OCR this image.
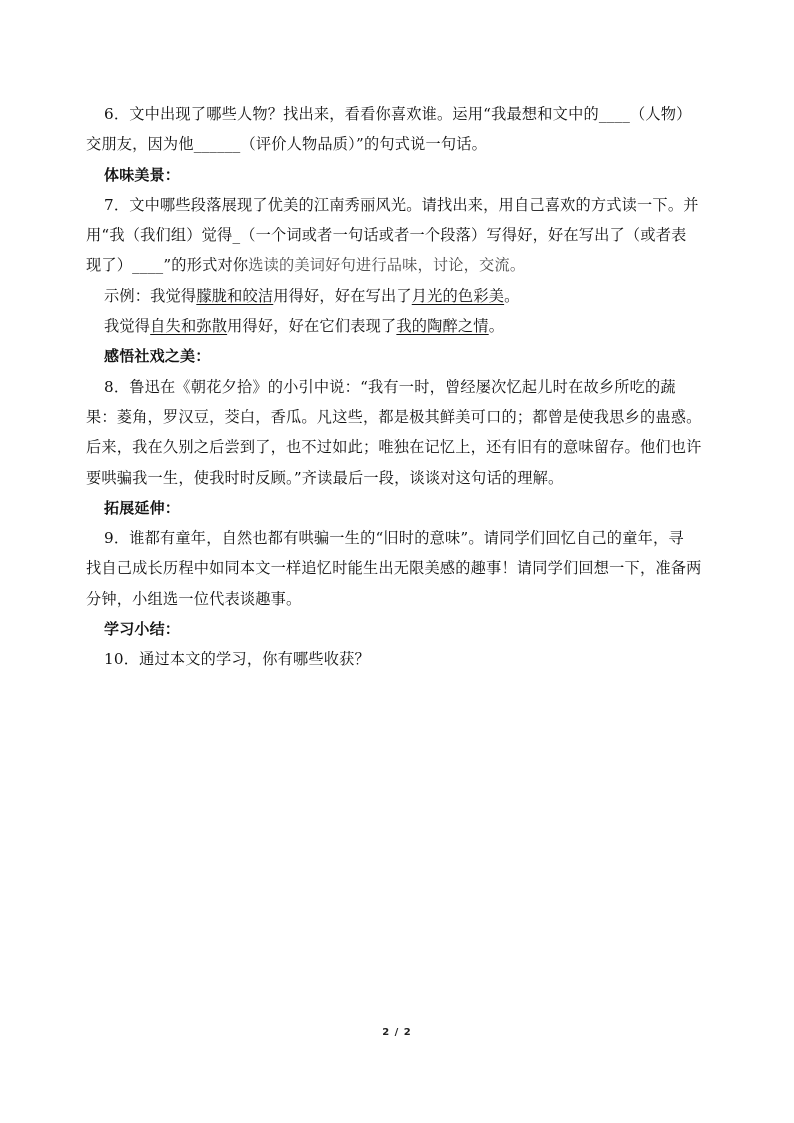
6．文中出现了哪些人物？找出来，看看你喜欢谁。运用“我最想和文中的____（人物）
交朋友，因为他______（评价人物品质）”的句式说一句话。
体味美景：
7．文中哪些段落展现了优美的江南秀丽风光。请找出来，用自己喜欢的方式读一下。并
用“我（我们组）觉得_（一个词或者一句话或者一个段落）写得好，好在写出了（或者表
现了）____”的形式对你选读的美词好句进行品味，讨论，交流。
示例：我觉得朦胧和皎洁用得好，好在写出了月光的色彩美。
我觉得自失和弥散用得好，好在它们表现了我的陶醉之情。
感悟社戏之美：
8．鲁迅在《朝花夕拾》的小引中说：“我有一时，曾经屡次忆起儿时在故乡所吃的蔬
果：菱角，罗汉豆，茭白，香瓜。凡这些，都是极其鲜美可口的；都曾是使我思乡的蛊惑。
后来，我在久别之后尝到了，也不过如此；唯独在记忆上，还有旧有的意味留存。他们也许
要哄骗我一生，使我时时反顾。”齐读最后一段，谈谈对这句话的理解。
拓展延伸：
9．谁都有童年，自然也都有哄骗一生的“旧时的意味”。请同学们回忆自己的童年，寻
找自己成长历程中如同本文一样追忆时能生出无限美感的趣事！请同学们回想一下，准备两
分钟，小组选一位代表谈趣事。
学习小结：
10．通过本文的学习，你有哪些收获？
2 / 2
